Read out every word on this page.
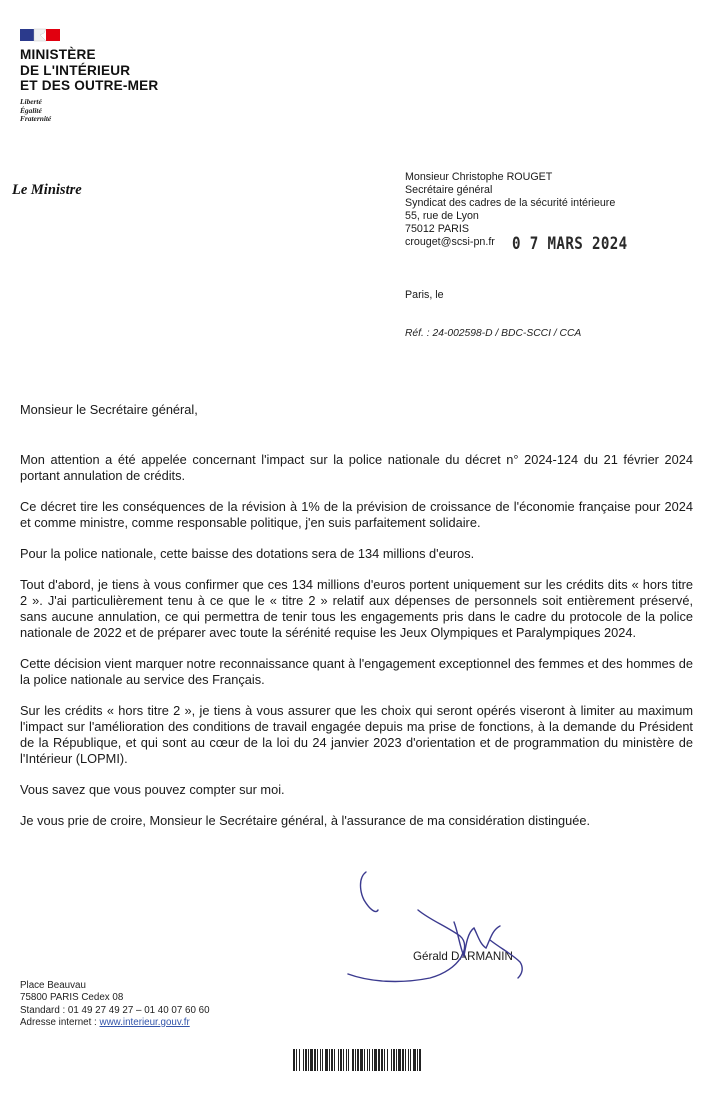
MINISTÈRE
DE L'INTÉRIEUR
ET DES OUTRE-MER
Liberté
Égalité
Fraternité
Le Ministre
Monsieur Christophe ROUGET
Secrétaire général
Syndicat des cadres de la sécurité intérieure
55, rue de Lyon
75012 PARIS
crouget@scsi-pn.fr	0 7 MARS 2024
Paris, le
Réf. : 24-002598-D / BDC-SCCI / CCA
Monsieur le Secrétaire général,

Mon attention a été appelée concernant l'impact sur la police nationale du décret n° 2024-124 du 21 février 2024 portant annulation de crédits.

Ce décret tire les conséquences de la révision à 1% de la prévision de croissance de l'économie française pour 2024 et comme ministre, comme responsable politique, j'en suis parfaitement solidaire.

Pour la police nationale, cette baisse des dotations sera de 134 millions d'euros.

Tout d'abord, je tiens à vous confirmer que ces 134 millions d'euros portent uniquement sur les crédits dits « hors titre 2 ». J'ai particulièrement tenu à ce que le « titre 2 » relatif aux dépenses de personnels soit entièrement préservé, sans aucune annulation, ce qui permettra de tenir tous les engagements pris dans le cadre du protocole de la police nationale de 2022 et de préparer avec toute la sérénité requise les Jeux Olympiques et Paralympiques 2024.

Cette décision vient marquer notre reconnaissance quant à l'engagement exceptionnel des femmes et des hommes de la police nationale au service des Français.

Sur les crédits « hors titre 2 », je tiens à vous assurer que les choix qui seront opérés viseront à limiter au maximum l'impact sur l'amélioration des conditions de travail engagée depuis ma prise de fonctions, à la demande du Président de la République, et qui sont au cœur de la loi du 24 janvier 2023 d'orientation et de programmation du ministère de l'Intérieur (LOPMI).

Vous savez que vous pouvez compter sur moi.

Je vous prie de croire, Monsieur le Secrétaire général, à l'assurance de ma considération distinguée.

Gérald DARMANIN
Place Beauvau
75800 PARIS Cedex 08
Standard : 01 49 27 49 27 – 01 40 07 60 60
Adresse internet : www.interieur.gouv.fr
